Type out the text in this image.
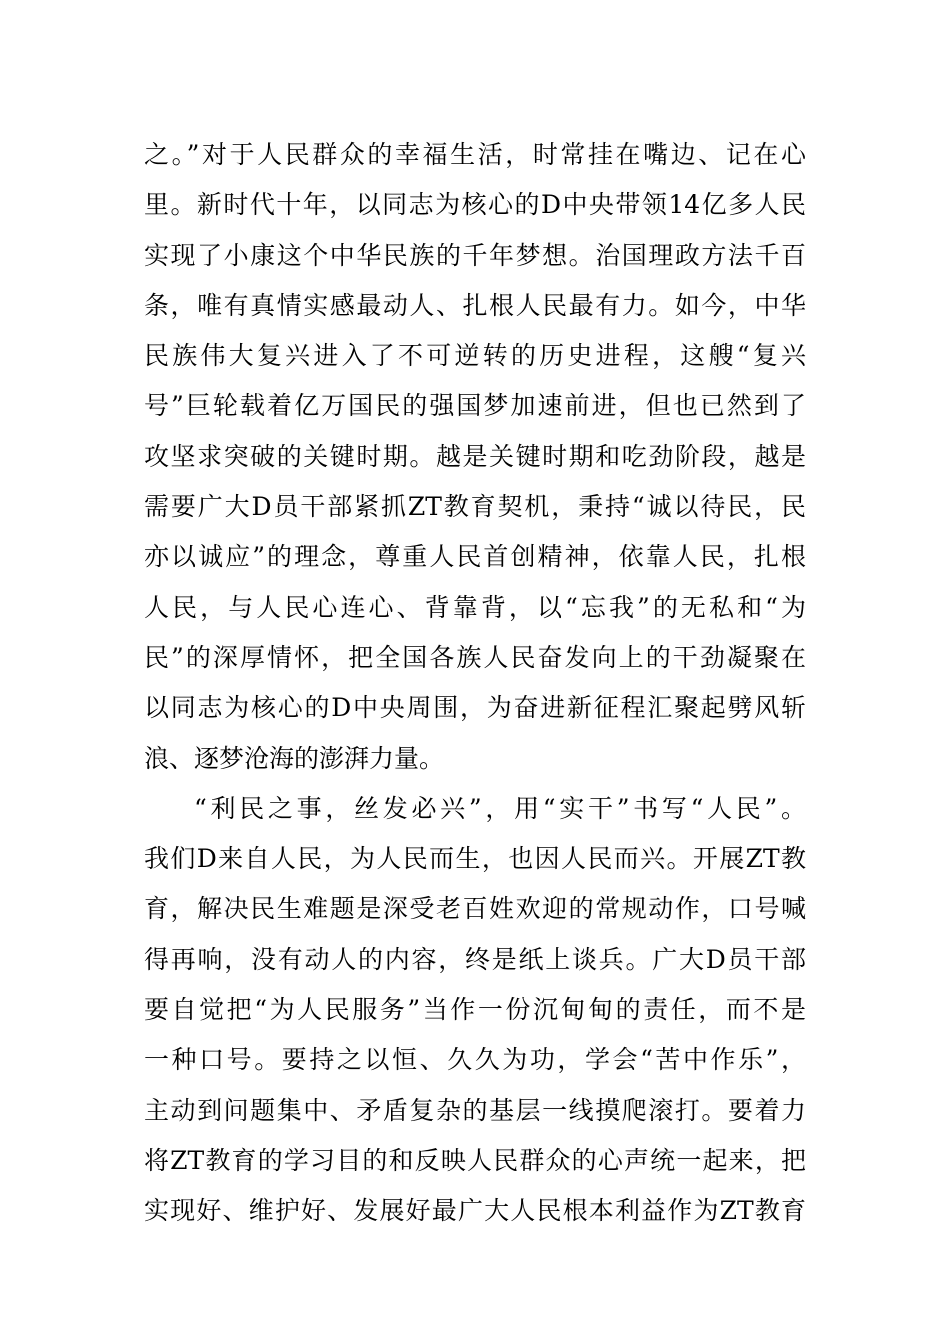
之。”对于人民群众的幸福生活，时常挂在嘴边、记在心
里。新时代十年，以同志为核心的D中央带领14亿多人民
实现了小康这个中华民族的千年梦想。治国理政方法千百
条，唯有真情实感最动人、扎根人民最有力。如今，中华
民族伟大复兴进入了不可逆转的历史进程，这艘“复兴
号”巨轮载着亿万国民的强国梦加速前进，但也已然到了
攻坚求突破的关键时期。越是关键时期和吃劲阶段，越是
需要广大D员干部紧抓ZT教育契机，秉持“诚以待民，民
亦以诚应”的理念，尊重人民首创精神，依靠人民，扎根
人民，与人民心连心、背靠背，以“忘我”的无私和“为
民”的深厚情怀，把全国各族人民奋发向上的干劲凝聚在
以同志为核心的D中央周围，为奋进新征程汇聚起劈风斩
浪、逐梦沧海的澎湃力量。
“利民之事，丝发必兴”，用“实干”书写“人民”。
我们D来自人民，为人民而生，也因人民而兴。开展ZT教
育，解决民生难题是深受老百姓欢迎的常规动作，口号喊
得再响，没有动人的内容，终是纸上谈兵。广大D员干部
要自觉把“为人民服务”当作一份沉甸甸的责任，而不是
一种口号。要持之以恒、久久为功，学会“苦中作乐”，
主动到问题集中、矛盾复杂的基层一线摸爬滚打。要着力
将ZT教育的学习目的和反映人民群众的心声统一起来，把
实现好、维护好、发展好最广大人民根本利益作为ZT教育
